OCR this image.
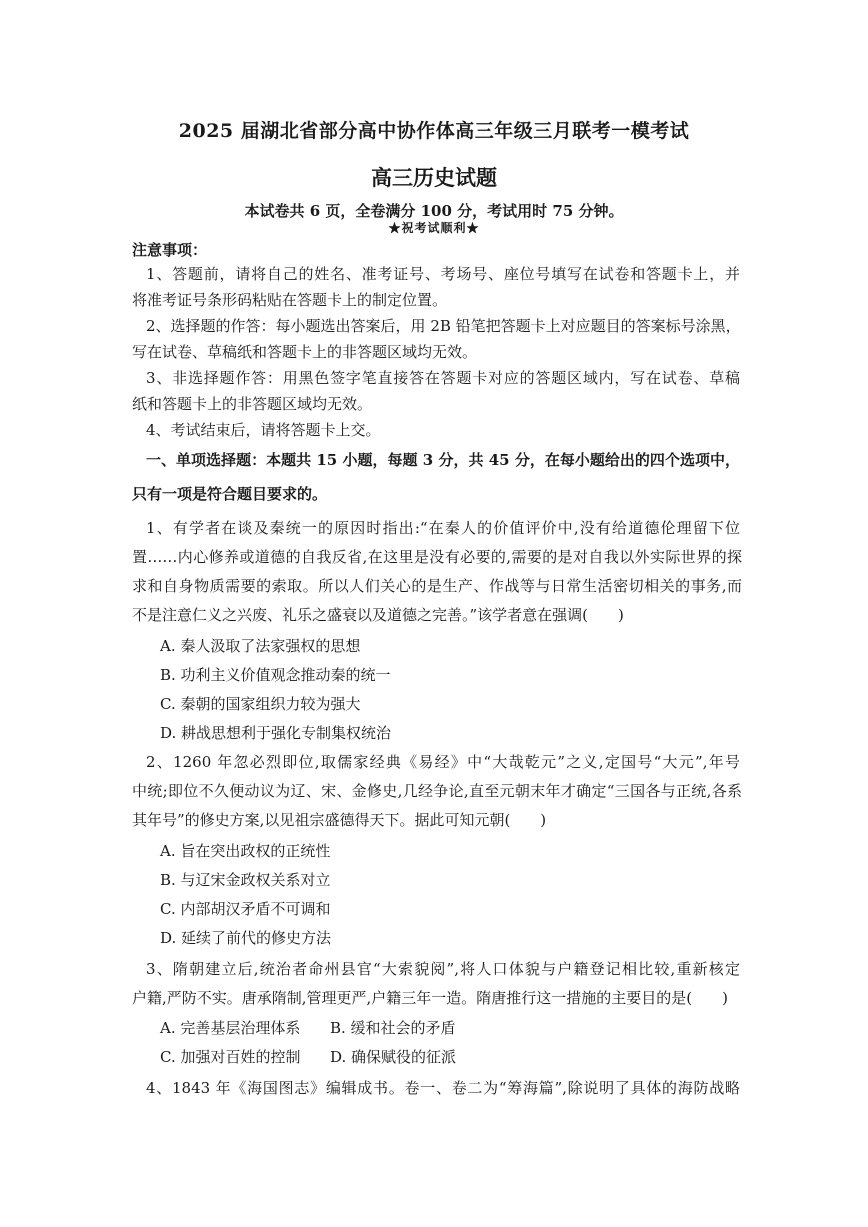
2025 届湖北省部分高中协作体高三年级三月联考一模考试
高三历史试题
本试卷共 6 页，全卷满分 100 分，考试用时 75 分钟。
★祝考试顺利★
注意事项：
1、答题前，请将自己的姓名、准考证号、考场号、座位号填写在试卷和答题卡上，并
将准考证号条形码粘贴在答题卡上的制定位置。
2、选择题的作答：每小题选出答案后，用 2B 铅笔把答题卡上对应题目的答案标号涂黑，
写在试卷、草稿纸和答题卡上的非答题区域均无效。
3、非选择题作答：用黑色签字笔直接答在答题卡对应的答题区域内，写在试卷、草稿
纸和答题卡上的非答题区域均无效。
4、考试结束后，请将答题卡上交。
一、单项选择题：本题共 15 小题，每题 3 分，共 45 分，在每小题给出的四个选项中，
只有一项是符合题目要求的。
1、有学者在谈及秦统一的原因时指出:“在秦人的价值评价中,没有给道德伦理留下位
置……内心修养或道德的自我反省,在这里是没有必要的,需要的是对自我以外实际世界的探
求和自身物质需要的索取。所以人们关心的是生产、作战等与日常生活密切相关的事务,而
不是注意仁义之兴废、礼乐之盛衰以及道德之完善。”该学者意在强调(　　)
A. 秦人汲取了法家强权的思想
B. 功利主义价值观念推动秦的统一
C. 秦朝的国家组织力较为强大
D. 耕战思想利于强化专制集权统治
2、1260 年忽必烈即位,取儒家经典《易经》中“大哉乾元”之义,定国号“大元”,年号
中统;即位不久便动议为辽、宋、金修史,几经争论,直至元朝末年才确定“三国各与正统,各系
其年号”的修史方案,以见祖宗盛德得天下。据此可知元朝(　　)
A. 旨在突出政权的正统性
B. 与辽宋金政权关系对立
C. 内部胡汉矛盾不可调和
D. 延续了前代的修史方法
3、隋朝建立后,统治者命州县官“大索貌阅”,将人口体貌与户籍登记相比较,重新核定
户籍,严防不实。唐承隋制,管理更严,户籍三年一造。隋唐推行这一措施的主要目的是(　　)
A. 完善基层治理体系 B. 缓和社会的矛盾
C. 加强对百姓的控制 D. 确保赋役的征派
4、1843 年《海国图志》编辑成书。卷一、卷二为“筹海篇”,除说明了具体的海防战略
